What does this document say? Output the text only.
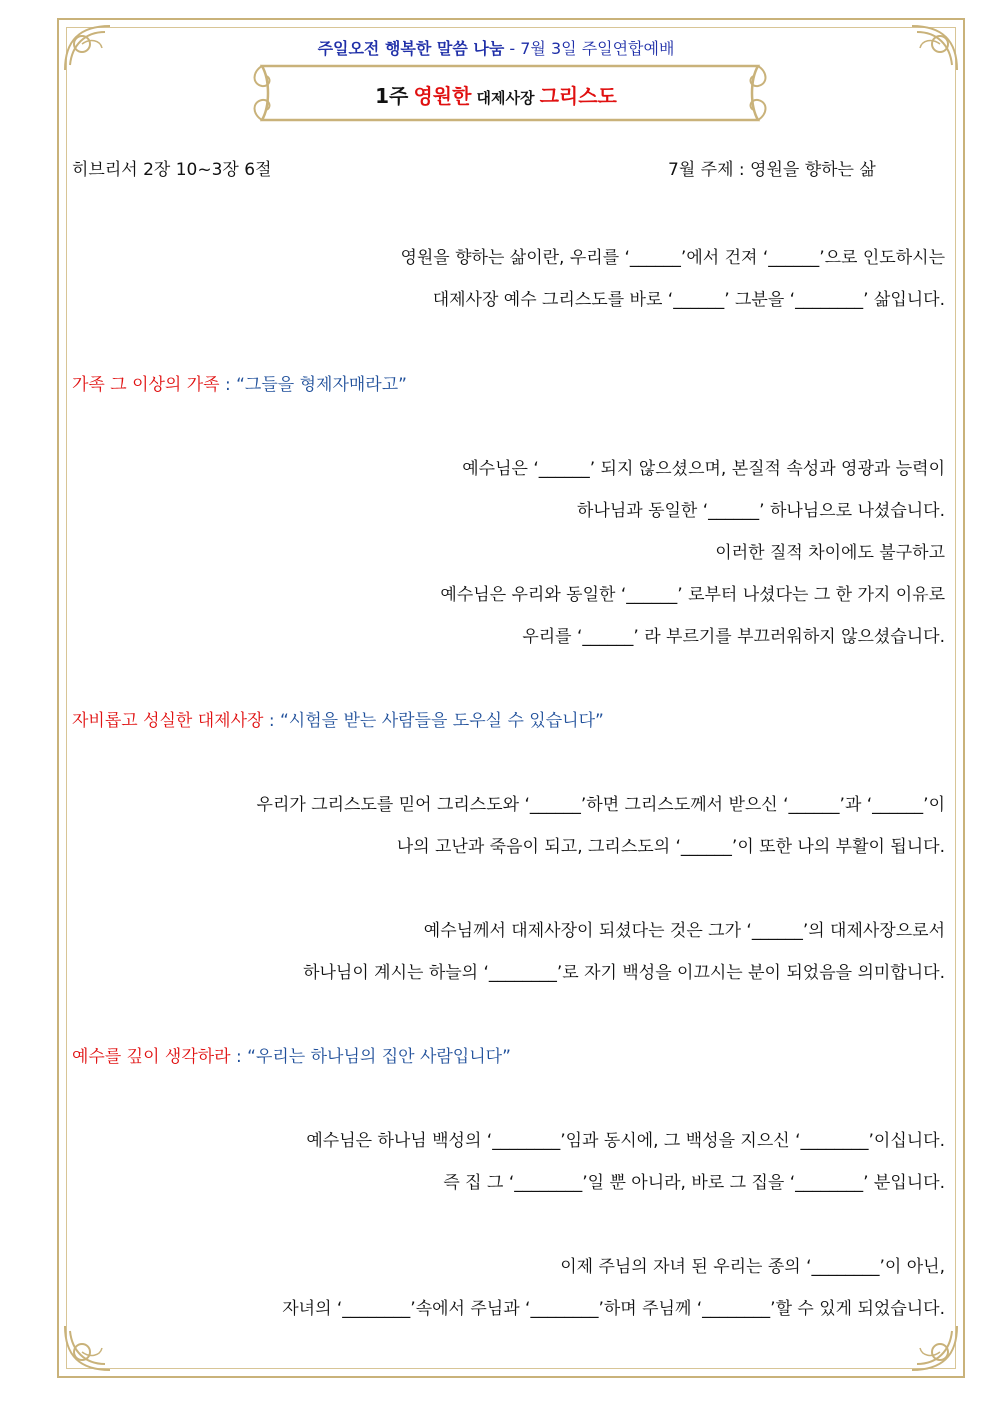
주일오전 행복한 말씀 나눔 - 7월 3일 주일연합예배
1주 영원한 대제사장 그리스도
히브리서 2장 10~3장 6절	7월 주제 : 영원을 향하는 삶
영원을 향하는 삶이란, 우리를 ‘______’에서 건져 ‘______’으로 인도하시는
대제사장 예수 그리스도를 바로 ‘______’ 그분을 ‘________’ 삶입니다.
가족 그 이상의 가족 : “그들을 형제자매라고”
예수님은 ‘______’ 되지 않으셨으며, 본질적 속성과 영광과 능력이
하나님과 동일한 ‘______’ 하나님으로 나셨습니다.
이러한 질적 차이에도 불구하고
예수님은 우리와 동일한 ‘______’ 로부터 나셨다는 그 한 가지 이유로
우리를 ‘______’ 라 부르기를 부끄러워하지 않으셨습니다.
자비롭고 성실한 대제사장 : “시험을 받는 사람들을 도우실 수 있습니다”
우리가 그리스도를 믿어 그리스도와 ‘______’하면 그리스도께서 받으신 ‘______’과 ‘______’이
나의 고난과 죽음이 되고, 그리스도의 ‘______’이 또한 나의 부활이 됩니다.
예수님께서 대제사장이 되셨다는 것은 그가 ‘______’의 대제사장으로서
하나님이 계시는 하늘의 ‘________’로 자기 백성을 이끄시는 분이 되었음을 의미합니다.
예수를 깊이 생각하라 : “우리는 하나님의 집안 사람입니다”
예수님은 하나님 백성의 ‘________’임과 동시에, 그 백성을 지으신 ‘________’이십니다.
즉 집 그 ‘________’일 뿐 아니라, 바로 그 집을 ‘________’ 분입니다.
이제 주님의 자녀 된 우리는 종의 ‘________’이 아닌,
자녀의 ‘________’속에서 주님과 ‘________’하며 주님께 ‘________’할 수 있게 되었습니다.
